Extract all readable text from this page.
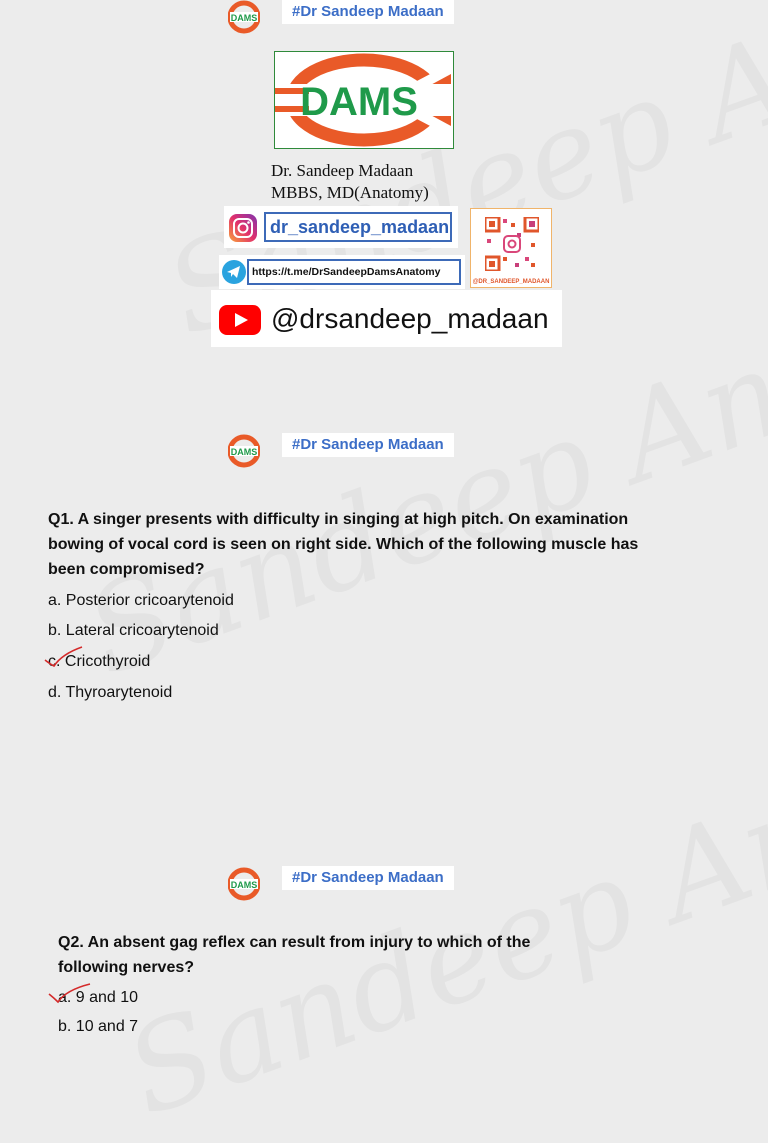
DAMS	#Dr Sandeep Madaan
DAMS
Dr. Sandeep Madaan
MBBS, MD(Anatomy)
dr_sandeep_madaan
https://t.me/DrSandeepDamsAnatomy
@DR_SANDEEP_MADAAN
@drsandeep_madaan
DAMS	#Dr Sandeep Madaan
Q1. A singer presents with difficulty in singing at high pitch. On examination
bowing of vocal cord is seen on right side. Which of the following muscle has
been compromised?
a. Posterior cricoarytenoid
b. Lateral cricoarytenoid
c. Cricothyroid
d. Thyroarytenoid
DAMS	#Dr Sandeep Madaan
Q2. An absent gag reflex can result from injury to which of the
following nerves?
a. 9 and 10
b. 10 and 7
